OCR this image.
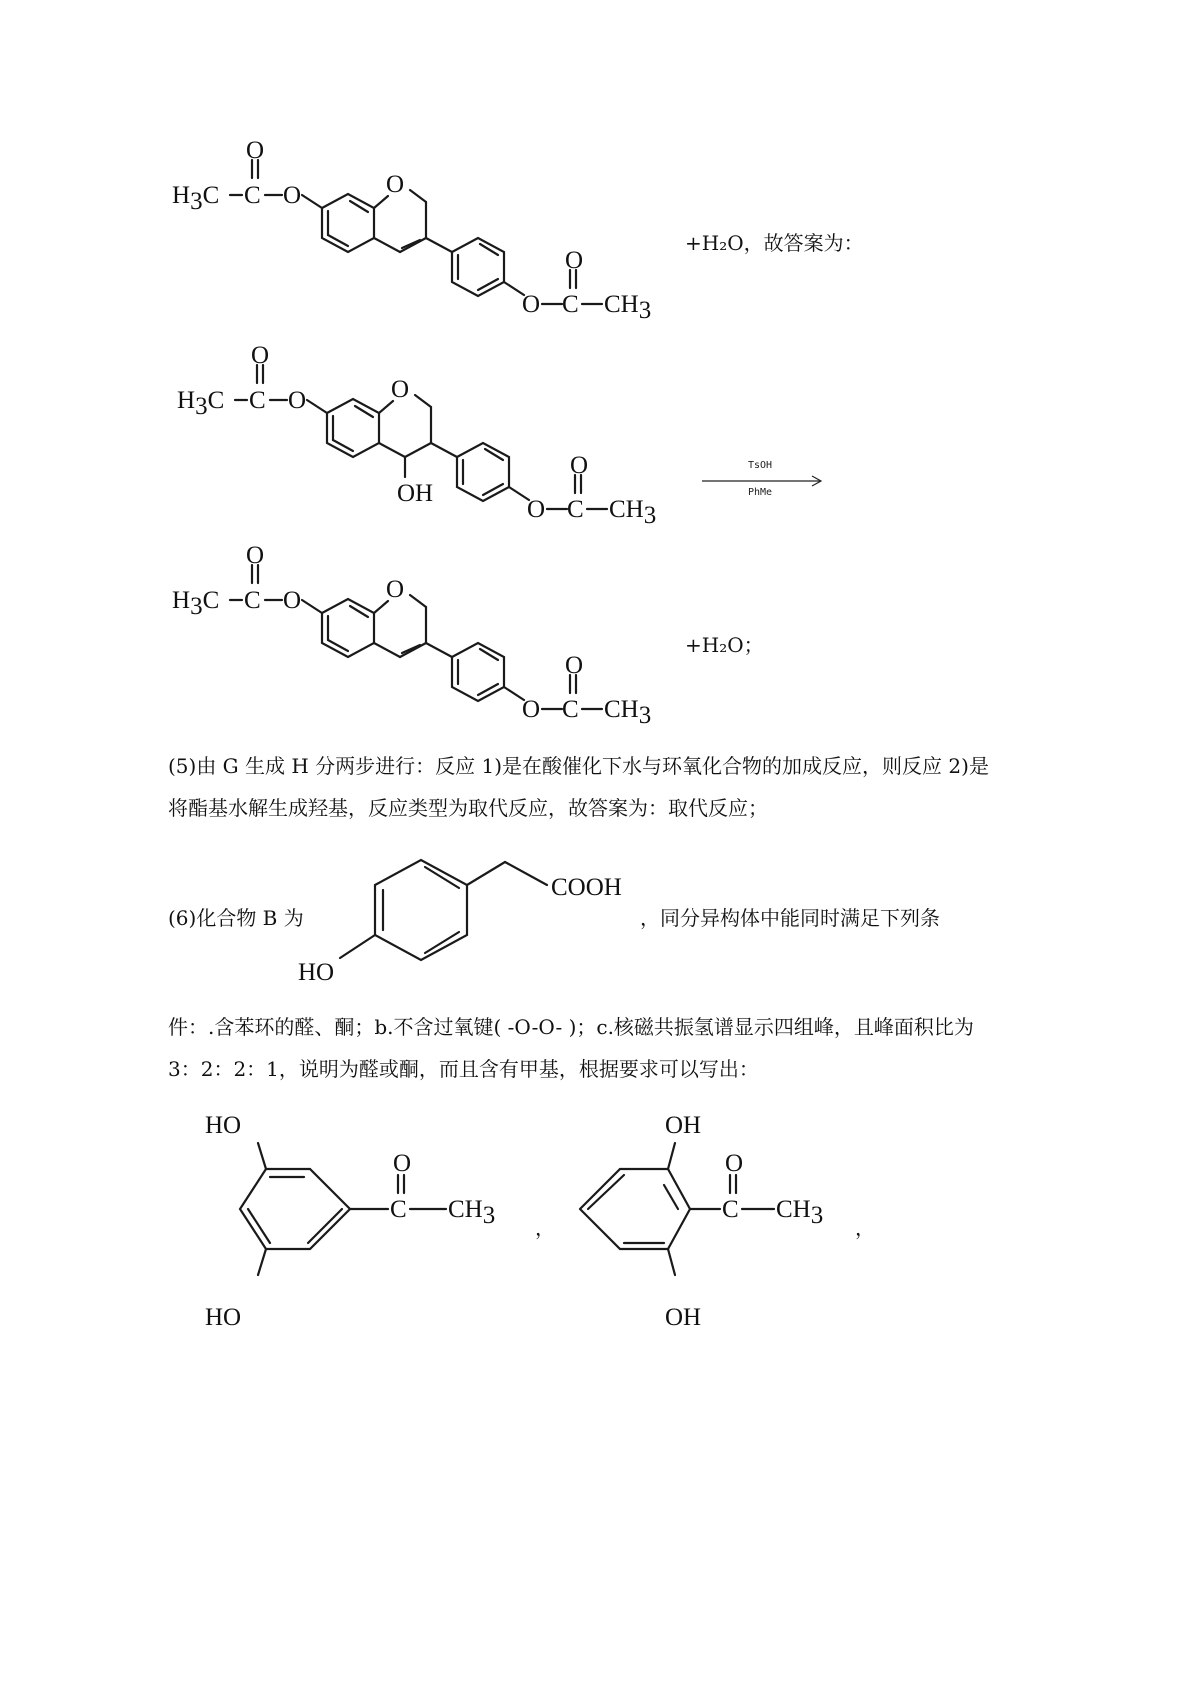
H3C C
O
O	O
O C
O
CH3
+H₂O，故答案为：
H3C C
O
O	O
OH
O C
O
CH3
TsOH
PhMe
H3C C
O
O	O
O C
O
CH3
+H₂O；
(5)由 G 生成 H 分两步进行：反应 1)是在酸催化下水与环氧化合物的加成反应，则反应 2)是
将酯基水解生成羟基，反应类型为取代反应，故答案为：取代反应；
(6)化合物 B 为
COOH
HO
，同分异构体中能同时满足下列条
件：.含苯环的醛、酮；b.不含过氧键( -O-O- )；c.核磁共振氢谱显示四组峰，且峰面积比为
3：2：2：1，说明为醛或酮，而且含有甲基，根据要求可以写出：
HO
HO
C
O
CH3 ，
OH
OH
C
O
CH3 ，
